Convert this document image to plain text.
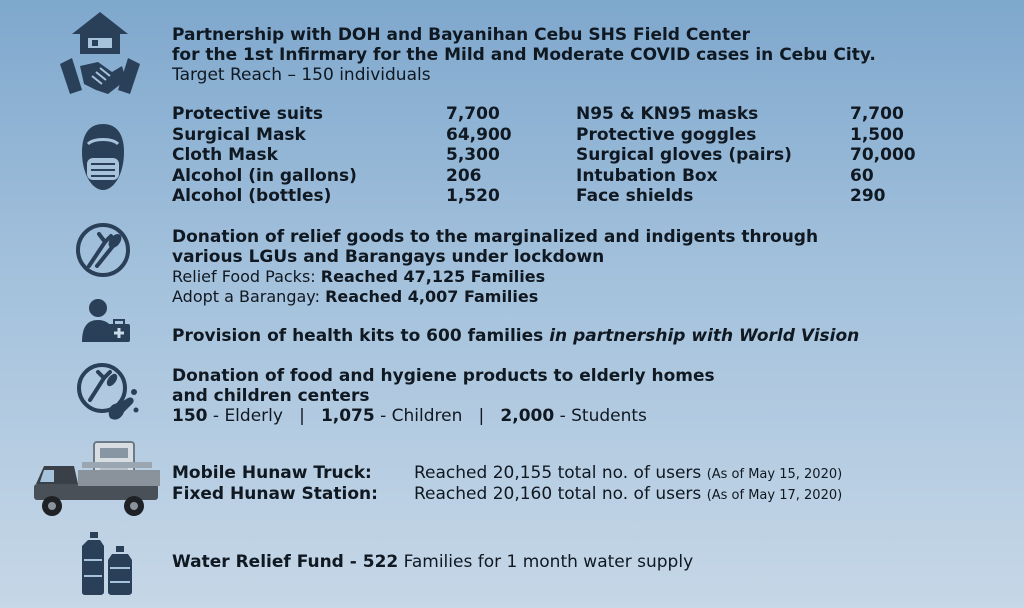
Partnership with DOH and Bayanihan Cebu SHS Field Center
for the 1st Infirmary for the Mild and Moderate COVID cases in Cebu City.
Target Reach – 150 individuals
Protective suits
Surgical Mask
Cloth Mask
Alcohol (in gallons)
Alcohol (bottles)
7,700
64,900
5,300
206
1,520
N95 & KN95 masks
Protective goggles
Surgical gloves (pairs)
Intubation Box
Face shields
7,700
1,500
70,000
60
290
Donation of relief goods to the marginalized and indigents through
various LGUs and Barangays under lockdown
Relief Food Packs: Reached 47,125 Families
Adopt a Barangay: Reached 4,007 Families
Provision of health kits to 600 families in partnership with World Vision
Donation of food and hygiene products to elderly homes
and children centers
150 - Elderly | 1,075 - Children | 2,000 - Students
Mobile Hunaw Truck: Reached 20,155 total no. of users (As of May 15, 2020)
Fixed Hunaw Station: Reached 20,160 total no. of users (As of May 17, 2020)
Water Relief Fund - 522 Families for 1 month water supply
